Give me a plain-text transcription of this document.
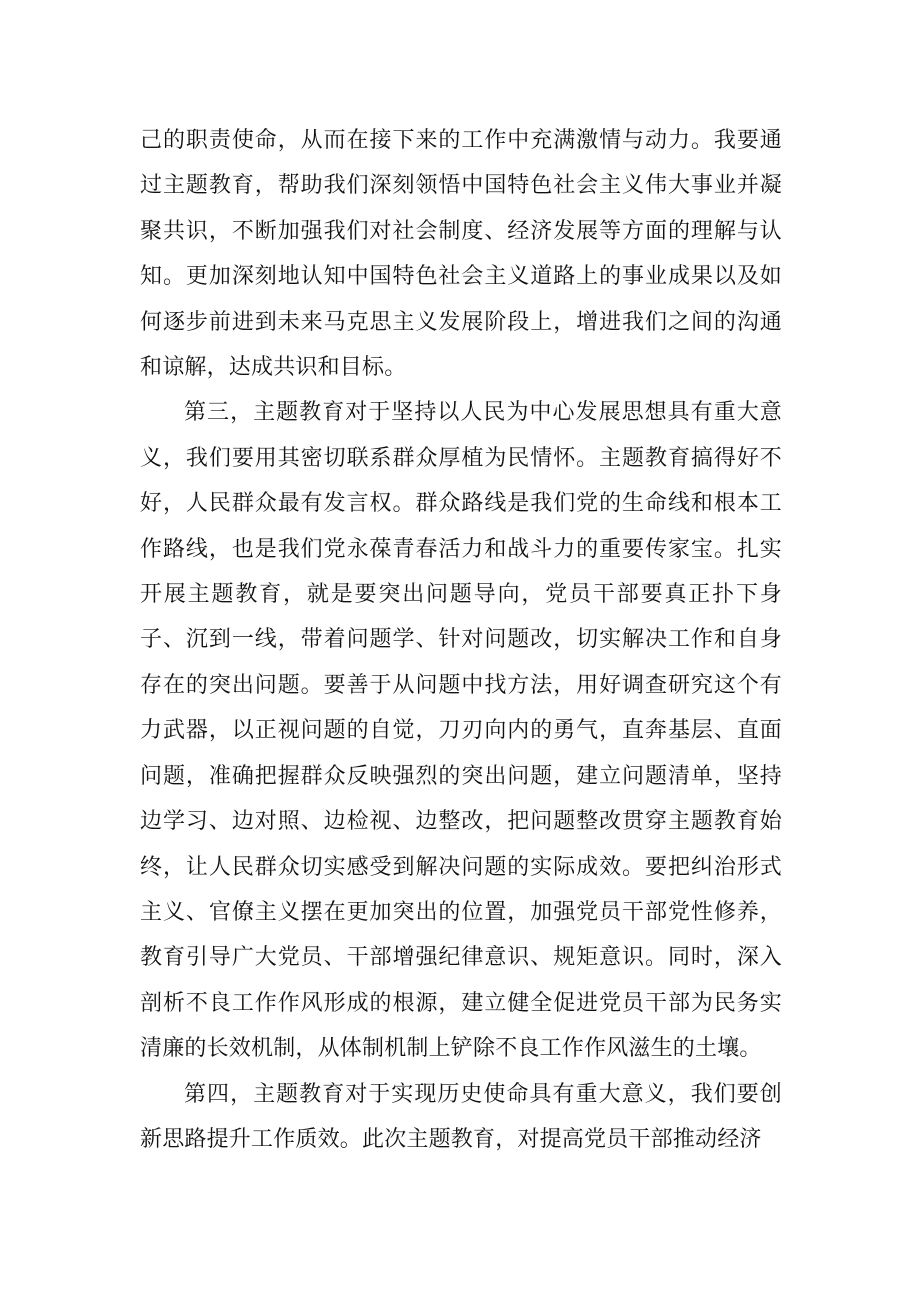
己的职责使命，从而在接下来的工作中充满激情与动力。我要通过主题教育，帮助我们深刻领悟中国特色社会主义伟大事业并凝聚共识，不断加强我们对社会制度、经济发展等方面的理解与认知。更加深刻地认知中国特色社会主义道路上的事业成果以及如何逐步前进到未来马克思主义发展阶段上，增进我们之间的沟通和谅解，达成共识和目标。

第三，主题教育对于坚持以人民为中心发展思想具有重大意义，我们要用其密切联系群众厚植为民情怀。主题教育搞得好不好，人民群众最有发言权。群众路线是我们党的生命线和根本工作路线，也是我们党永葆青春活力和战斗力的重要传家宝。扎实开展主题教育，就是要突出问题导向，党员干部要真正扑下身子、沉到一线，带着问题学、针对问题改，切实解决工作和自身存在的突出问题。要善于从问题中找方法，用好调查研究这个有力武器，以正视问题的自觉，刀刃向内的勇气，直奔基层、直面问题，准确把握群众反映强烈的突出问题，建立问题清单，坚持边学习、边对照、边检视、边整改，把问题整改贯穿主题教育始终，让人民群众切实感受到解决问题的实际成效。要把纠治形式主义、官僚主义摆在更加突出的位置，加强党员干部党性修养，教育引导广大党员、干部增强纪律意识、规矩意识。同时，深入剖析不良工作作风形成的根源，建立健全促进党员干部为民务实清廉的长效机制，从体制机制上铲除不良工作作风滋生的土壤。

第四，主题教育对于实现历史使命具有重大意义，我们要创新思路提升工作质效。此次主题教育，对提高党员干部推动经济
